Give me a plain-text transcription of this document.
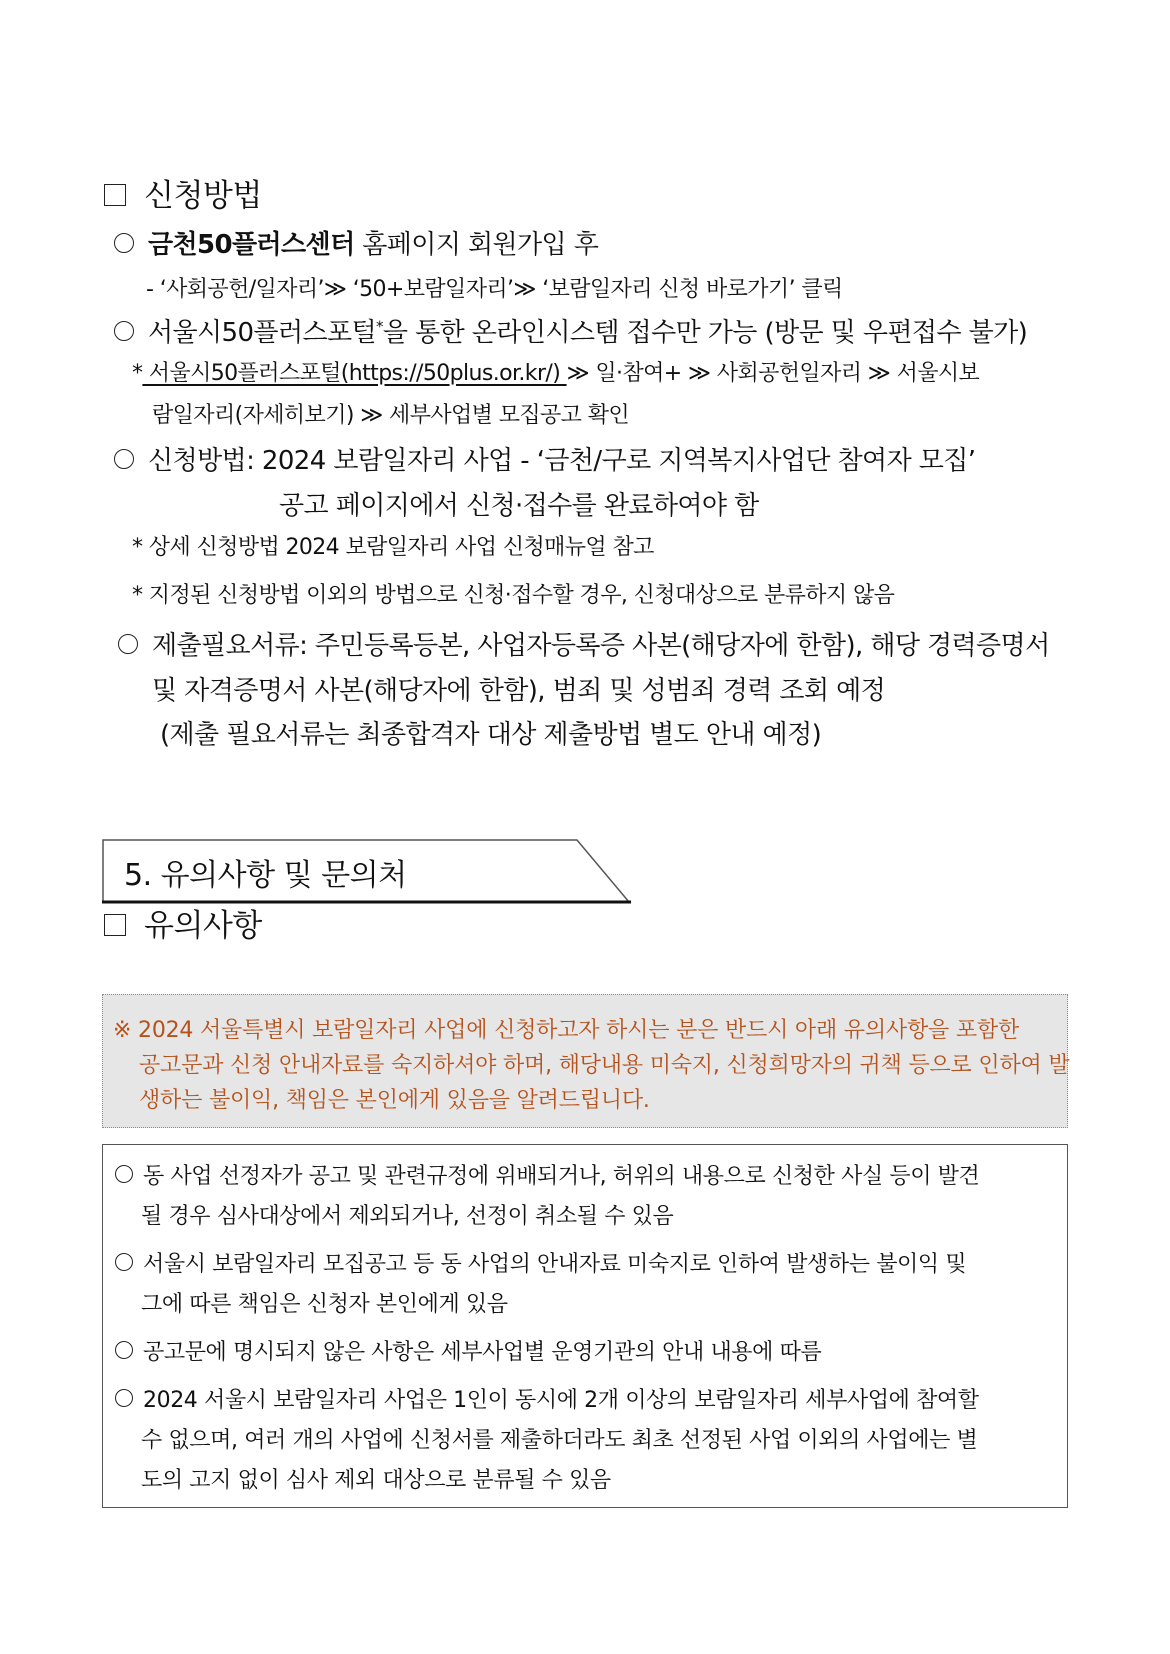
신청방법
금천50플러스센터 홈페이지 회원가입 후
- ‘사회공헌/일자리’≫ ‘50+보람일자리’≫ ‘보람일자리 신청 바로가기’ 클릭
서울시50플러스포털*을 통한 온라인시스템 접수만 가능 (방문 및 우편접수 불가)
* 서울시50플러스포털(https://50plus.or.kr/) ≫ 일·참여+ ≫ 사회공헌일자리 ≫ 서울시보
람일자리(자세히보기) ≫ 세부사업별 모집공고 확인
신청방법: 2024 보람일자리 사업 - ‘금천/구로 지역복지사업단 참여자 모집’
공고 페이지에서 신청·접수를 완료하여야 함
* 상세 신청방법 2024 보람일자리 사업 신청매뉴얼 참고
* 지정된 신청방법 이외의 방법으로 신청·접수할 경우, 신청대상으로 분류하지 않음
제출필요서류: 주민등록등본, 사업자등록증 사본(해당자에 한함), 해당 경력증명서
및 자격증명서 사본(해당자에 한함), 범죄 및 성범죄 경력 조회 예정
(제출 필요서류는 최종합격자 대상 제출방법 별도 안내 예정)
5. 유의사항 및 문의처
유의사항
※ 2024 서울특별시 보람일자리 사업에 신청하고자 하시는 분은 반드시 아래 유의사항을 포함한
공고문과 신청 안내자료를 숙지하셔야 하며, 해당내용 미숙지, 신청희망자의 귀책 등으로 인하여 발
생하는 불이익, 책임은 본인에게 있음을 알려드립니다.
동 사업 선정자가 공고 및 관련규정에 위배되거나, 허위의 내용으로 신청한 사실 등이 발견
될 경우 심사대상에서 제외되거나, 선정이 취소될 수 있음
서울시 보람일자리 모집공고 등 동 사업의 안내자료 미숙지로 인하여 발생하는 불이익 및
그에 따른 책임은 신청자 본인에게 있음
공고문에 명시되지 않은 사항은 세부사업별 운영기관의 안내 내용에 따름
2024 서울시 보람일자리 사업은 1인이 동시에 2개 이상의 보람일자리 세부사업에 참여할
수 없으며, 여러 개의 사업에 신청서를 제출하더라도 최초 선정된 사업 이외의 사업에는 별
도의 고지 없이 심사 제외 대상으로 분류될 수 있음
